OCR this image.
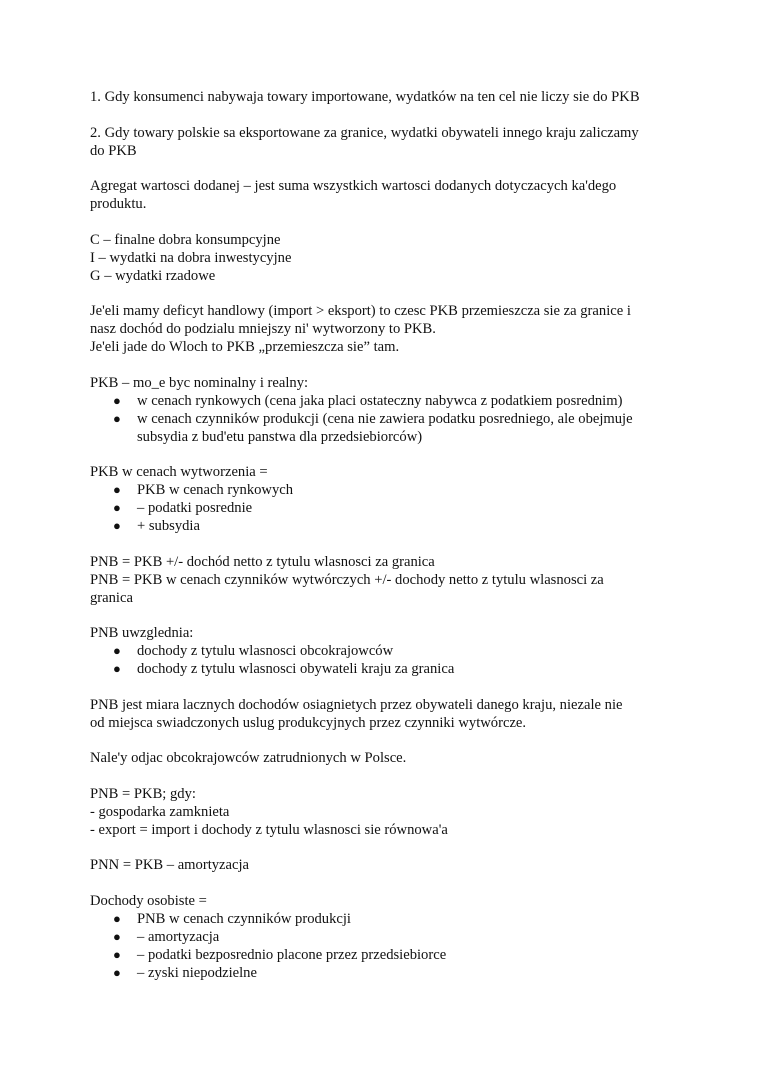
1. Gdy konsumenci nabywaja towary importowane, wydatków na ten cel nie liczy sie do PKB
2. Gdy towary polskie sa eksportowane za granice, wydatki obywateli innego kraju zaliczamy
do PKB
Agregat wartosci dodanej – jest suma wszystkich wartosci dodanych dotyczacych ka'dego
produktu.
C – finalne dobra konsumpcyjne
I – wydatki na dobra inwestycyjne
G – wydatki rzadowe
Je'eli mamy deficyt handlowy (import > eksport) to czesc PKB przemieszcza sie za granice i
nasz dochód do podzialu mniejszy ni' wytworzony to PKB.
Je'eli jade do Wloch to PKB „przemieszcza sie” tam.
PKB – mo_e byc nominalny i realny:
● w cenach rynkowych (cena jaka placi ostateczny nabywca z podatkiem posrednim)
● w cenach czynników produkcji (cena nie zawiera podatku posredniego, ale obejmuje
subsydia z bud'etu panstwa dla przedsiebiorców)
PKB w cenach wytworzenia =
● PKB w cenach rynkowych
● – podatki posrednie
● + subsydia
PNB = PKB +/- dochód netto z tytulu wlasnosci za granica
PNB = PKB w cenach czynników wytwórczych +/- dochody netto z tytulu wlasnosci za
granica
PNB uwzglednia:
● dochody z tytulu wlasnosci obcokrajowców
● dochody z tytulu wlasnosci obywateli kraju za granica
PNB jest miara lacznych dochodów osiagnietych przez obywateli danego kraju, niezale nie
od miejsca swiadczonych uslug produkcyjnych przez czynniki wytwórcze.
Nale'y odjac obcokrajowców zatrudnionych w Polsce.
PNB = PKB; gdy:
- gospodarka zamknieta
- export = import i dochody z tytulu wlasnosci sie równowa'a
PNN = PKB – amortyzacja
Dochody osobiste =
● PNB w cenach czynników produkcji
● – amortyzacja
● – podatki bezposrednio placone przez przedsiebiorce
● – zyski niepodzielne
